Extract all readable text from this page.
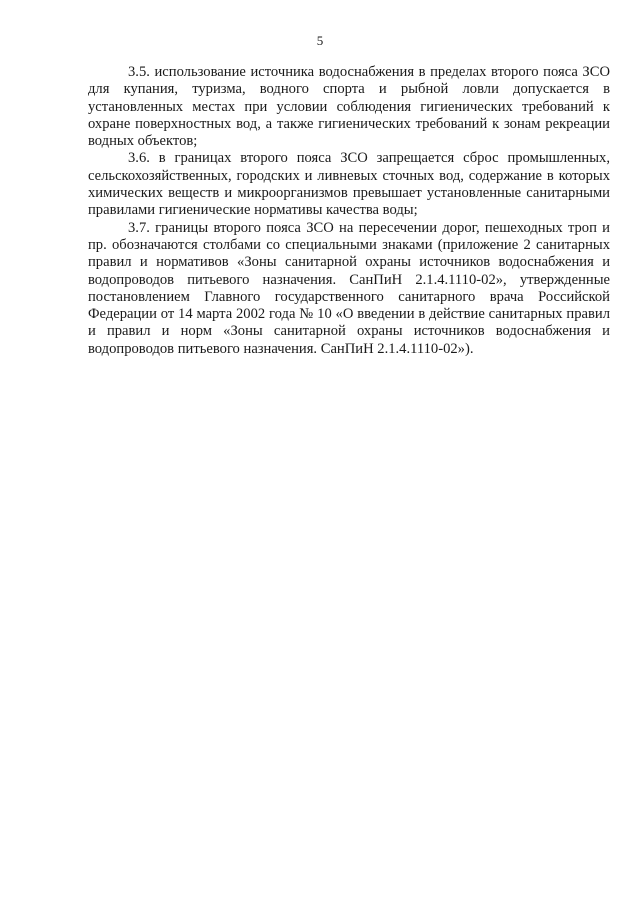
5

3.5. использование источника водоснабжения в пределах второго пояса ЗСО для купания, туризма, водного спорта и рыбной ловли допускается в установленных местах при условии соблюдения гигиенических требований к охране поверхностных вод, а также гигиенических требований к зонам рекреации водных объектов;

3.6. в границах второго пояса ЗСО запрещается сброс промышленных, сельскохозяйственных, городских и ливневых сточных вод, содержание в которых химических веществ и микроорганизмов превышает установленные санитарными правилами гигиенические нормативы качества воды;

3.7. границы второго пояса ЗСО на пересечении дорог, пешеходных троп и пр. обозначаются столбами со специальными знаками (приложение 2 санитарных правил и нормативов «Зоны санитарной охраны источников водоснабжения и водопроводов питьевого назначения. СанПиН 2.1.4.1110-02», утвержденные постановлением Главного государственного санитарного врача Российской Федерации от 14 марта 2002 года № 10 «О введении в действие санитарных правил и правил и норм «Зоны санитарной охраны источников водоснабжения и водопроводов питьевого назначения. СанПиН 2.1.4.1110-02»).
